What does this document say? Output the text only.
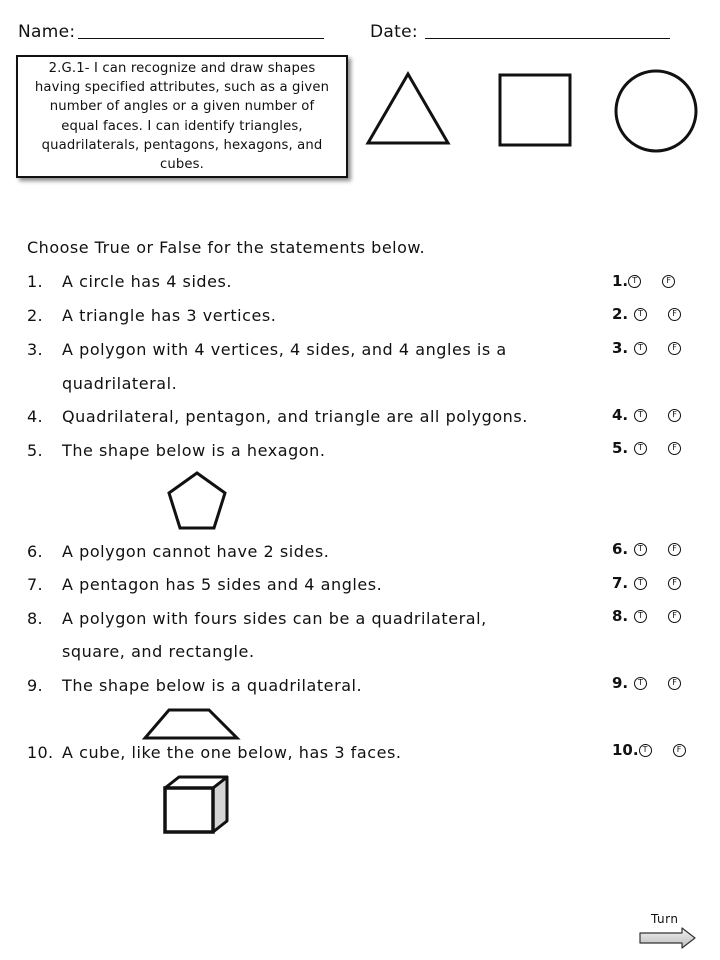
Name:	Date:
2.G.1- I can recognize and draw shapes having specified attributes, such as a given number of angles or a given number of equal faces. I can identify triangles, quadrilaterals, pentagons, hexagons, and cubes.
Choose True or False for the statements below.
1. A circle has 4 sides.
2. A triangle has 3 vertices.
3. A polygon with 4 vertices, 4 sides, and 4 angles is a
quadrilateral.
4. Quadrilateral, pentagon, and triangle are all polygons.
5. The shape below is a hexagon.
6. A polygon cannot have 2 sides.
7. A pentagon has 5 sides and 4 angles.
8. A polygon with fours sides can be a quadrilateral,
square, and rectangle.
9. The shape below is a quadrilateral.
10. A cube, like the one below, has 3 faces.
1. T	F
2.	T	F
3.	T	F
4.	T	F
5.	T	F
6.	T	F
7.	T	F
8.	T	F
9.	T	F
10. T	F
Turn
